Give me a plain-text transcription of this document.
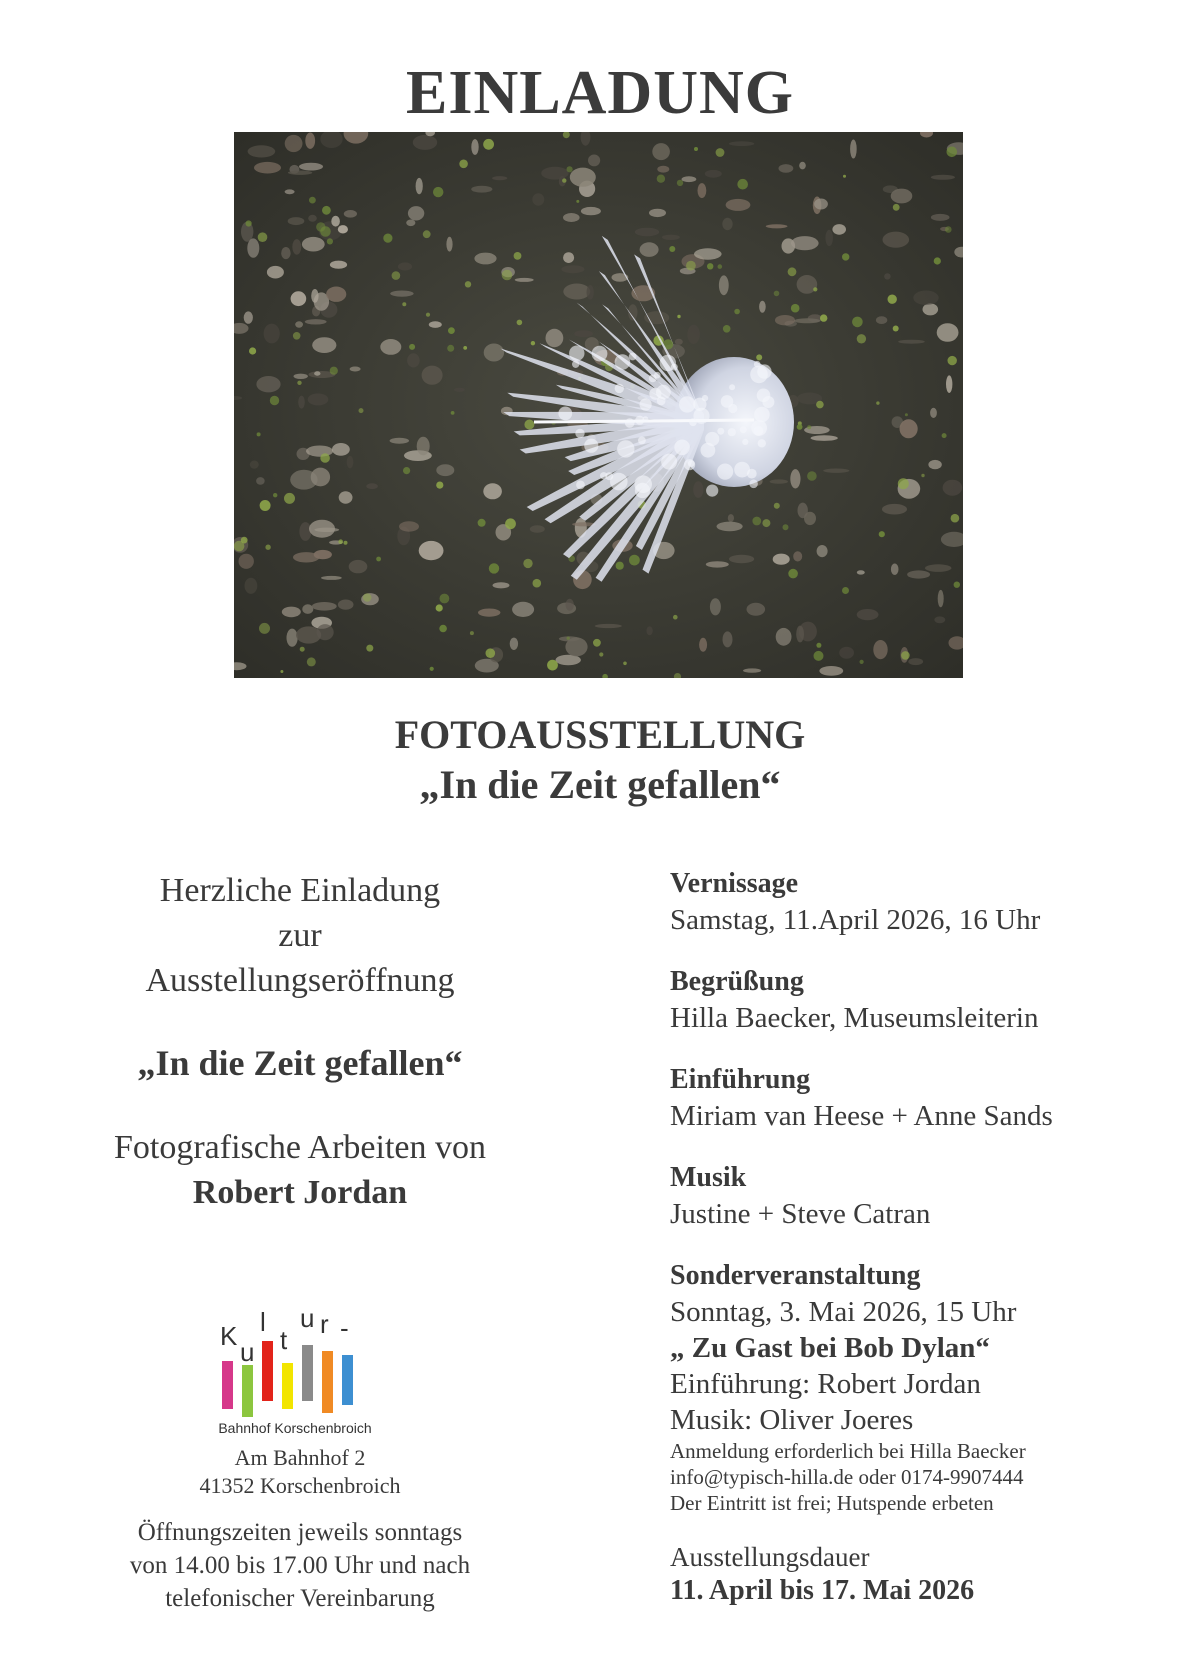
EINLADUNG
FOTOAUSSTELLUNG
„In die Zeit gefallen“
Herzliche Einladung
zur
Ausstellungseröffnung
„In die Zeit gefallen“
Fotografische Arbeiten von
Robert Jordan
K
u
l
t
u r -
Bahnhof Korschenbroich
Am Bahnhof 2
41352 Korschenbroich
Öffnungszeiten jeweils sonntags
von 14.00 bis 17.00 Uhr und nach
telefonischer Vereinbarung
Vernissage
Samstag, 11.April 2026, 16 Uhr
Begrüßung
Hilla Baecker, Museumsleiterin
Einführung
Miriam van Heese + Anne Sands
Musik
Justine + Steve Catran
Sonderveranstaltung
Sonntag, 3. Mai 2026, 15 Uhr
„ Zu Gast bei Bob Dylan“
Einführung: Robert Jordan
Musik: Oliver Joeres
Anmeldung erforderlich bei Hilla Baecker
info@typisch-hilla.de oder 0174-9907444
Der Eintritt ist frei; Hutspende erbeten
Ausstellungsdauer
11. April bis 17. Mai 2026
